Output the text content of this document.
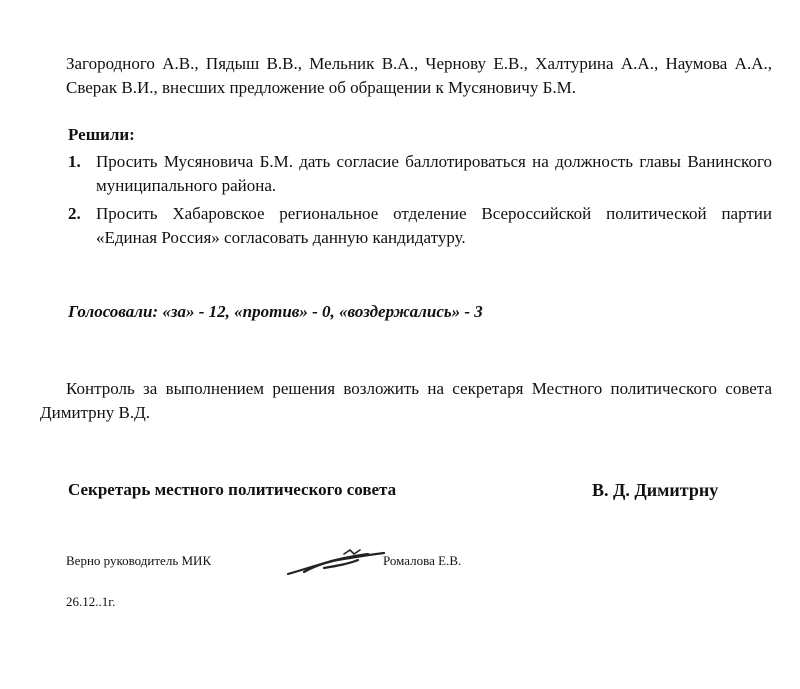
Загородного А.В., Пядыш В.В., Мельник В.А., Чернову Е.В., Халтурина А.А., Наумова А.А., Сверак В.И., внесших предложение об обращении к Мусяновичу Б.М.
Решили:
1. Просить Мусяновича Б.М. дать согласие баллотироваться на должность главы Ванинского муниципального района.
2. Просить Хабаровское региональное отделение Всероссийской политической партии «Единая Россия» согласовать данную кандидатуру.
Голосовали: «за» - 12, «против» - 0, «воздержались» - 3
Контроль за выполнением решения возложить на секретаря Местного политического совета Димитрну В.Д.
Секретарь местного политического совета	В. Д. Димитрну
Верно руководитель МИК	Ромалова Е.В.
26.12..1г.
